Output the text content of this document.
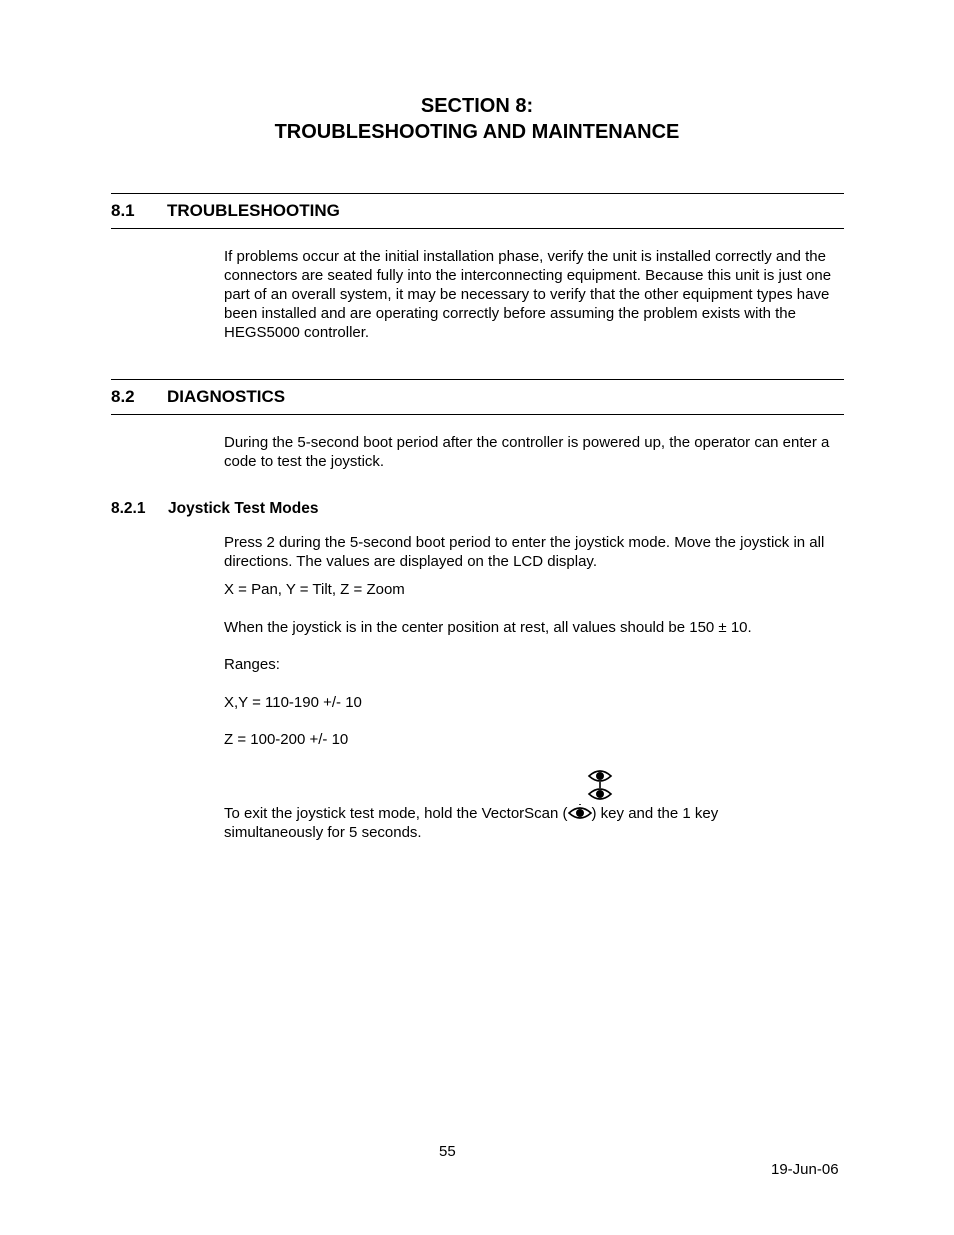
SECTION 8:
TROUBLESHOOTING AND MAINTENANCE
8.1 TROUBLESHOOTING
If problems occur at the initial installation phase, verify the unit is installed correctly and the connectors are seated fully into the interconnecting equipment. Because this unit is just one part of an overall system, it may be necessary to verify that the other equipment types have been installed and are operating correctly before assuming the problem exists with the HEGS5000 controller.
8.2 DIAGNOSTICS
During the 5-second boot period after the controller is powered up, the operator can enter a code to test the joystick.
8.2.1 Joystick Test Modes
Press 2 during the 5-second boot period to enter the joystick mode. Move the joystick in all directions. The values are displayed on the LCD display.
X = Pan, Y = Tilt, Z = Zoom
When the joystick is in the center position at rest, all values should be 150 ± 10.
Ranges:
X,Y = 110-190 +/- 10
Z = 100-200 +/- 10
To exit the joystick test mode, hold the VectorScan ( ) key and the 1 key
simultaneously for 5 seconds.
55
19-Jun-06
